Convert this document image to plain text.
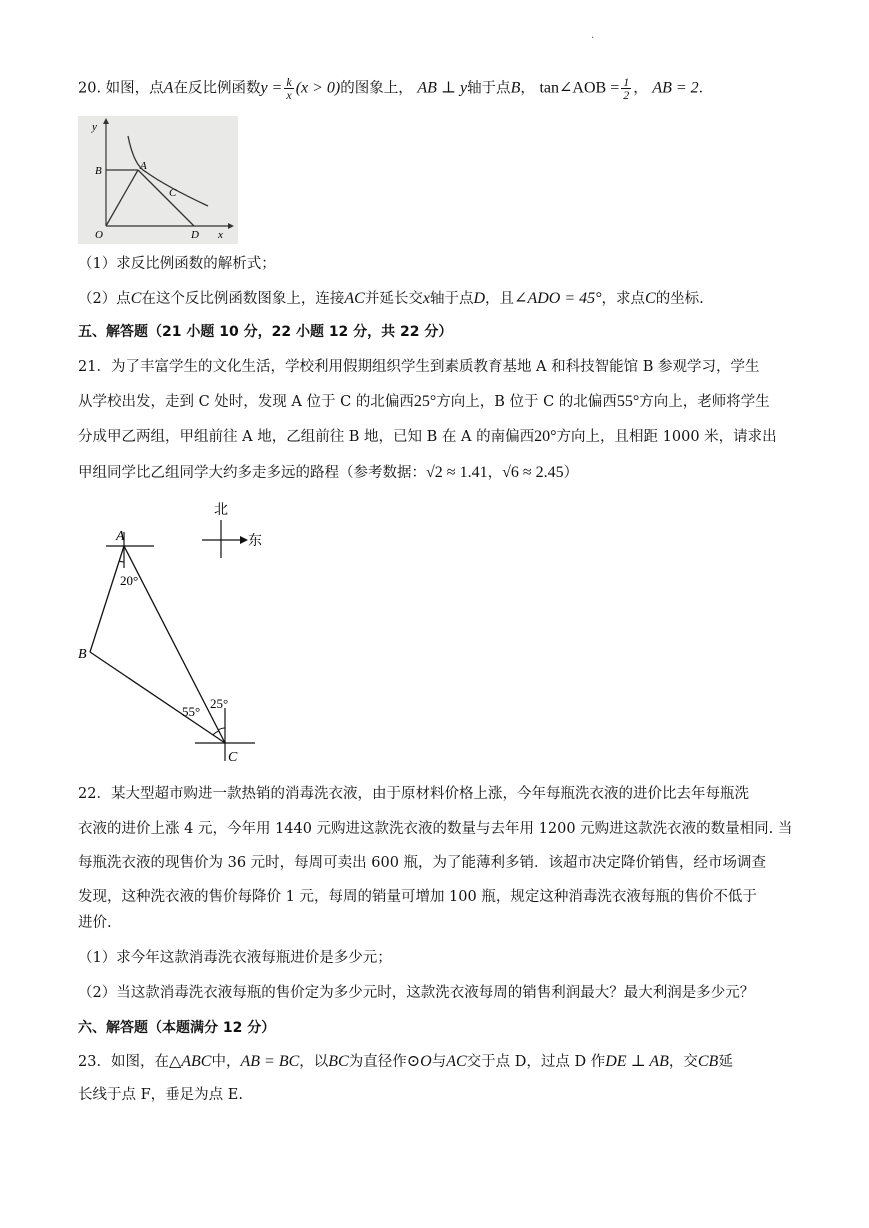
.
20. 如图，点A在反比例函数$y = \frac{k}{x} (x > 0)$的图象上， AB ⊥ y轴于点B， tan∠AOB = $\frac{1}{2}$ ， AB = 2．
y
x
B	A
C
O	D
（1）求反比例函数的解析式；
（2）点C在这个反比例函数图象上，连接AC并延长交x轴于点D，且∠ADO = 45°，求点C的坐标.
五、解答题（21 小题 10 分，22 小题 12 分，共 22 分）
21．为了丰富学生的文化生活，学校利用假期组织学生到素质教育基地 A 和科技智能馆 B 参观学习，学生
从学校出发，走到 C 处时，发现 A 位于 C 的北偏西25°方向上，B 位于 C 的北偏西55°方向上，老师将学生
分成甲乙两组，甲组前往 A 地，乙组前往 B 地，已知 B 在 A 的南偏西20°方向上，且相距 1000 米，请求出
甲组同学比乙组同学大约多走多远的路程（参考数据：√2 ≈ 1.41，√6 ≈ 2.45）
北
东
A
B
C
20°
55°
25°
22．某大型超市购进一款热销的消毒洗衣液，由于原材料价格上涨，今年每瓶洗衣液的进价比去年每瓶洗
衣液的进价上涨 4 元，今年用 1440 元购进这款洗衣液的数量与去年用 1200 元购进这款洗衣液的数量相同. 当
每瓶洗衣液的现售价为 36 元时，每周可卖出 600 瓶，为了能薄利多销．该超市决定降价销售，经市场调查
发现，这种洗衣液的售价每降价 1 元，每周的销量可增加 100 瓶，规定这种消毒洗衣液每瓶的售价不低于
进价.
（1）求今年这款消毒洗衣液每瓶进价是多少元；
（2）当这款消毒洗衣液每瓶的售价定为多少元时，这款洗衣液每周的销售利润最大？最大利润是多少元？
六、解答题（本题满分 12 分）
23．如图，在△ABC中，AB = BC，以BC为直径作⊙O与AC交于点 D，过点 D 作DE ⊥ AB，交CB延
长线于点 F，垂足为点 E.
